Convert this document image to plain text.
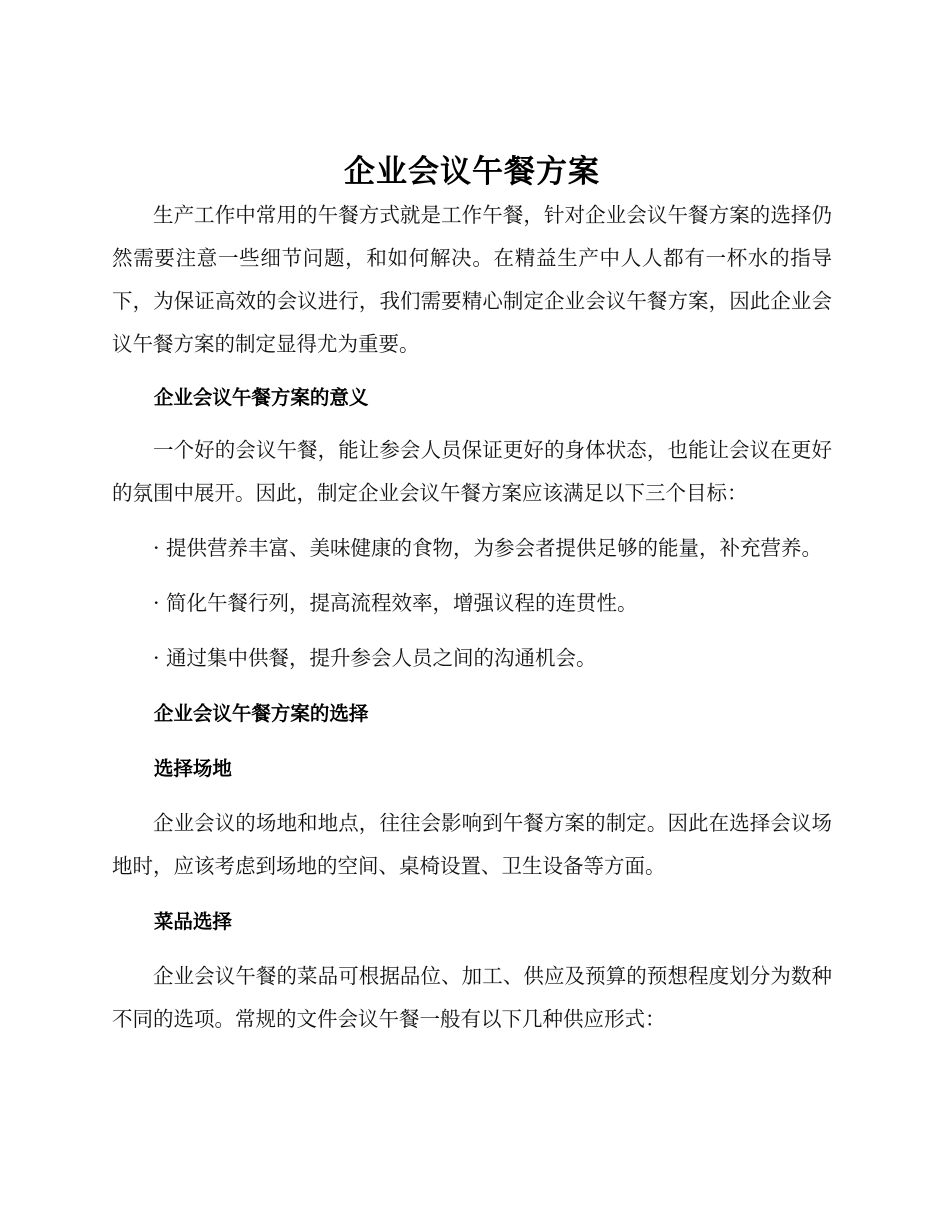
企业会议午餐方案

生产工作中常用的午餐方式就是工作午餐，针对企业会议午餐方案的选择仍然需要注意一些细节问题，和如何解决。在精益生产中人人都有一杯水的指导下，为保证高效的会议进行，我们需要精心制定企业会议午餐方案，因此企业会议午餐方案的制定显得尤为重要。

企业会议午餐方案的意义

一个好的会议午餐，能让参会人员保证更好的身体状态，也能让会议在更好的氛围中展开。因此，制定企业会议午餐方案应该满足以下三个目标：

· 提供营养丰富、美味健康的食物，为参会者提供足够的能量，补充营养。

· 简化午餐行列，提高流程效率，增强议程的连贯性。

· 通过集中供餐，提升参会人员之间的沟通机会。

企业会议午餐方案的选择
选择场地

企业会议的场地和地点，往往会影响到午餐方案的制定。因此在选择会议场地时，应该考虑到场地的空间、桌椅设置、卫生设备等方面。

菜品选择

企业会议午餐的菜品可根据品位、加工、供应及预算的预想程度划分为数种不同的选项。常规的文件会议午餐一般有以下几种供应形式：
